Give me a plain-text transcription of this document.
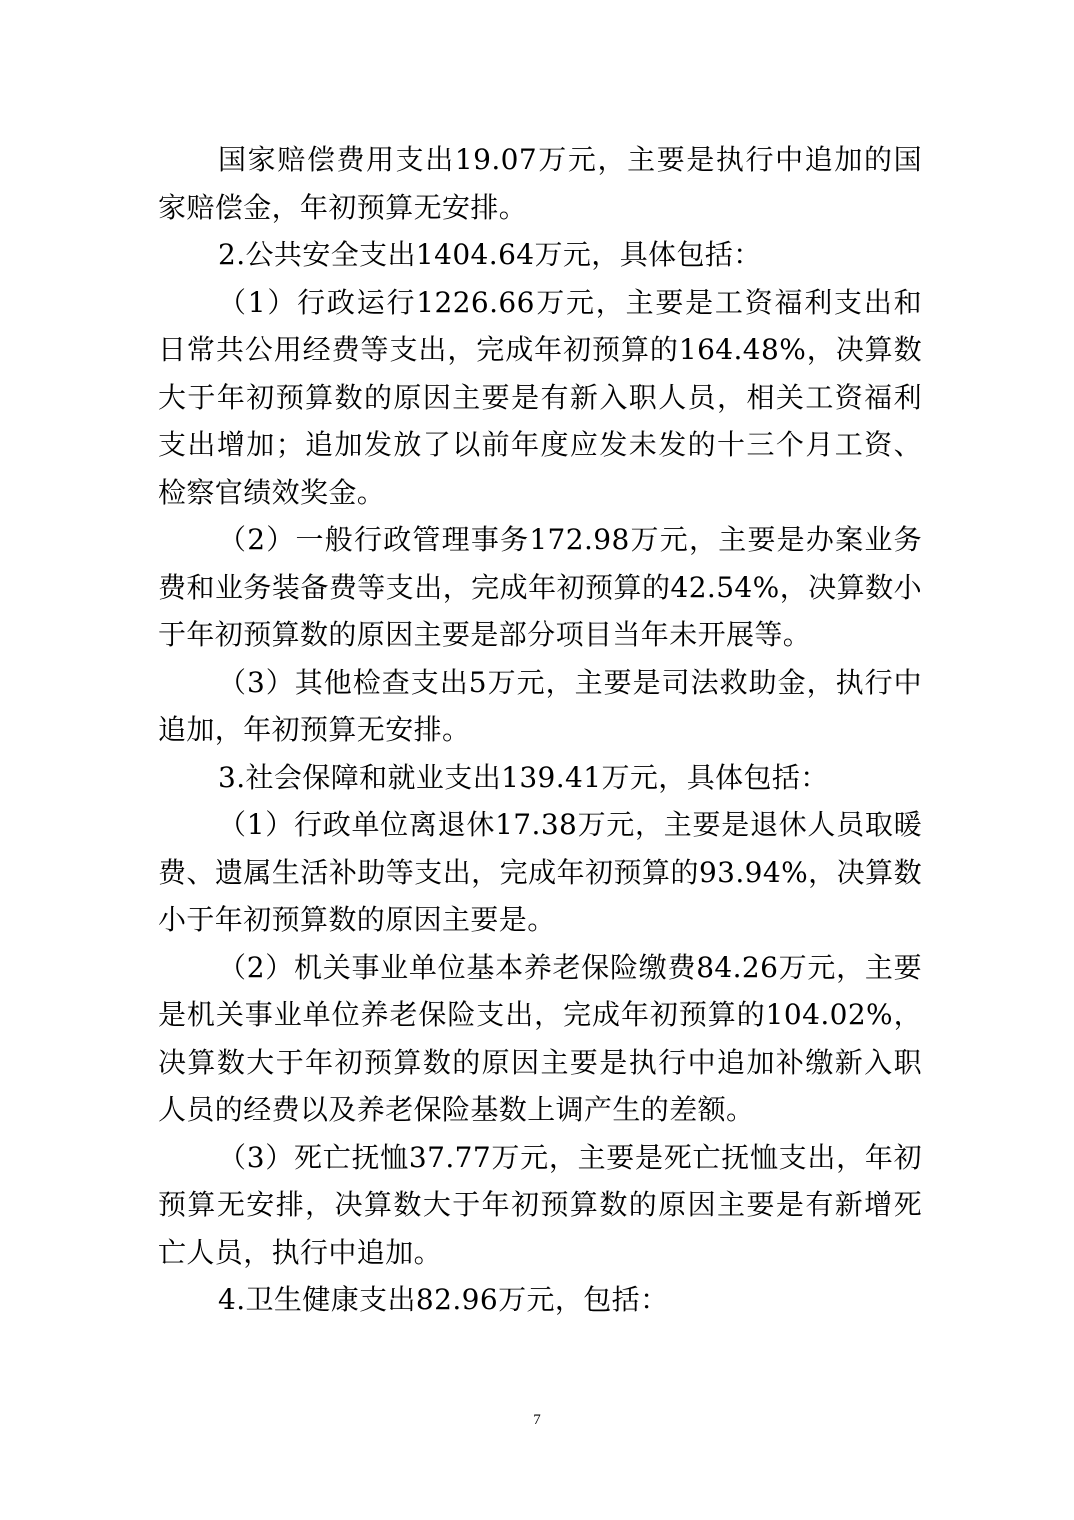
国家赔偿费用支出19.07万元，主要是执行中追加的国家赔偿金，年初预算无安排。

2.公共安全支出1404.64万元，具体包括：

（1）行政运行1226.66万元，主要是工资福利支出和日常共公用经费等支出，完成年初预算的164.48%，决算数大于年初预算数的原因主要是有新入职人员，相关工资福利支出增加；追加发放了以前年度应发未发的十三个月工资、检察官绩效奖金。

（2）一般行政管理事务172.98万元，主要是办案业务费和业务装备费等支出，完成年初预算的42.54%，决算数小于年初预算数的原因主要是部分项目当年未开展等。

（3）其他检查支出5万元，主要是司法救助金，执行中追加，年初预算无安排。

3.社会保障和就业支出139.41万元，具体包括：

（1）行政单位离退休17.38万元，主要是退休人员取暖费、遗属生活补助等支出，完成年初预算的93.94%，决算数小于年初预算数的原因主要是。

（2）机关事业单位基本养老保险缴费84.26万元，主要是机关事业单位养老保险支出，完成年初预算的104.02%，决算数大于年初预算数的原因主要是执行中追加补缴新入职人员的经费以及养老保险基数上调产生的差额。

（3）死亡抚恤37.77万元，主要是死亡抚恤支出，年初预算无安排，决算数大于年初预算数的原因主要是有新增死亡人员，执行中追加。

4.卫生健康支出82.96万元，包括：

7
